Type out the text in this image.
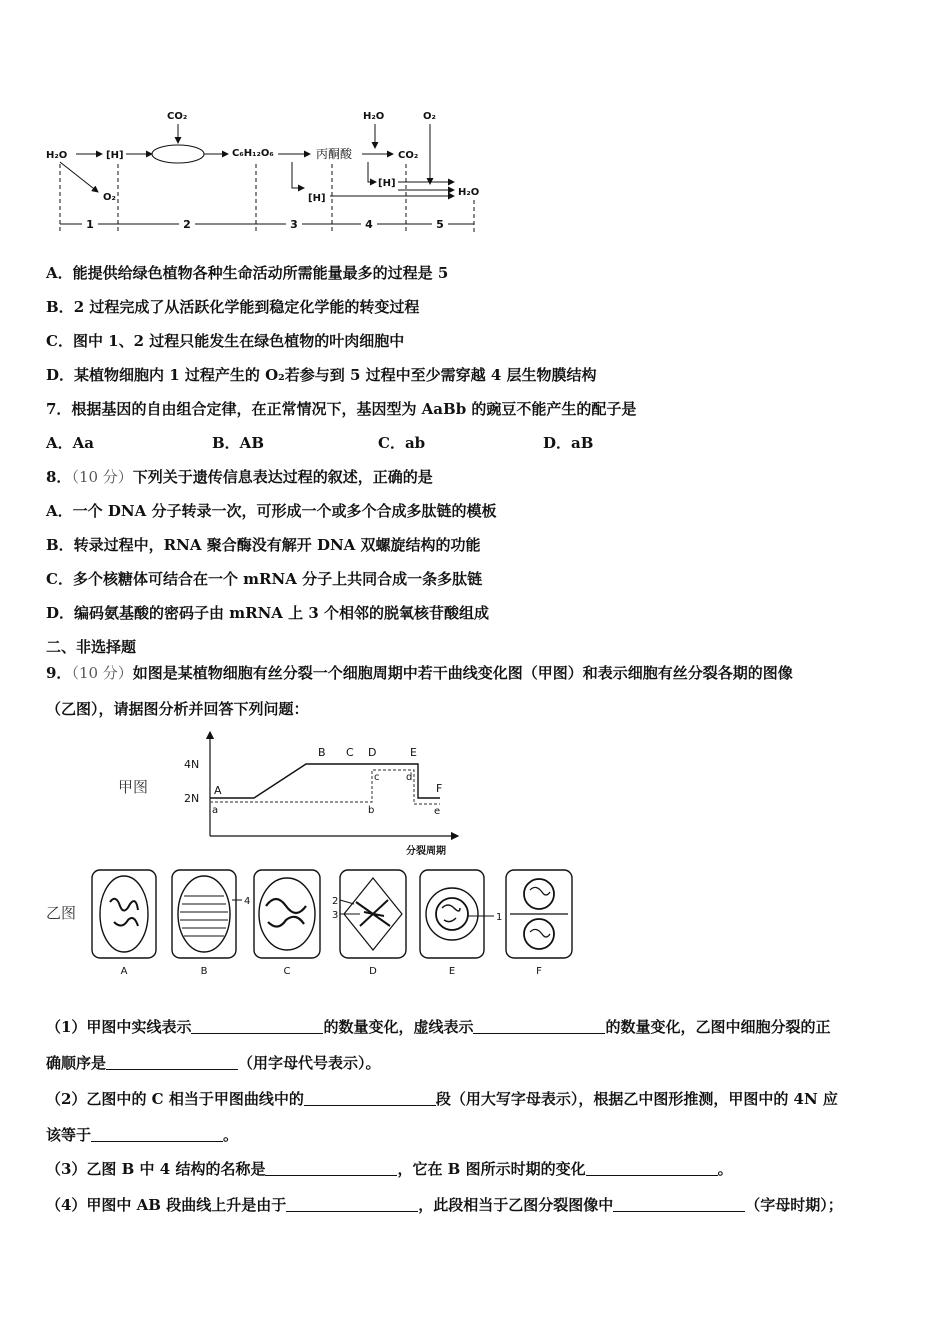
H₂O	[H]
CO₂
C₆H₁₂O₆
H₂O	O₂
CO₂
O₂
[H]
[H]
H₂O
丙酮酸
1	2	3	4	5
A．能提供给绿色植物各种生命活动所需能量最多的过程是 5
B．2 过程完成了从活跃化学能到稳定化学能的转变过程
C．图中 1、2 过程只能发生在绿色植物的叶肉细胞中
D．某植物细胞内 1 过程产生的 O₂若参与到 5 过程中至少需穿越 4 层生物膜结构
7．根据基因的自由组合定律，在正常情况下，基因型为 AaBb 的豌豆不能产生的配子是
A．Aa	B．AB	C．ab	D．aB
8．（10 分）下列关于遗传信息表达过程的叙述，正确的是
A．一个 DNA 分子转录一次，可形成一个或多个合成多肽链的模板
B．转录过程中，RNA 聚合酶没有解开 DNA 双螺旋结构的功能
C．多个核糖体可结合在一个 mRNA 分子上共同合成一条多肽链
D．编码氨基酸的密码子由 mRNA 上 3 个相邻的脱氧核苷酸组成
二、非选择题
9．（10 分）如图是某植物细胞有丝分裂一个细胞周期中若干曲线变化图（甲图）和表示细胞有丝分裂各期的图像
（乙图），请据图分析并回答下列问题：
甲图
4N
2N
分裂周期
A
B C D	E
F
a	b
c	d
e
乙图
4	2
3	1
A	B	C	D	E	F
（1）甲图中实线表示	的数量变化，虚线表示	的数量变化，乙图中细胞分裂的正
确顺序是	（用字母代号表示）。
（2）乙图中的 C 相当于甲图曲线中的	段（用大写字母表示），根据乙中图形推测，甲图中的 4N 应
该等于	。
（3）乙图 B 中 4 结构的名称是	，它在 B 图所示时期的变化	。
（4）甲图中 AB 段曲线上升是由于	，此段相当于乙图分裂图像中	（字母时期）；
